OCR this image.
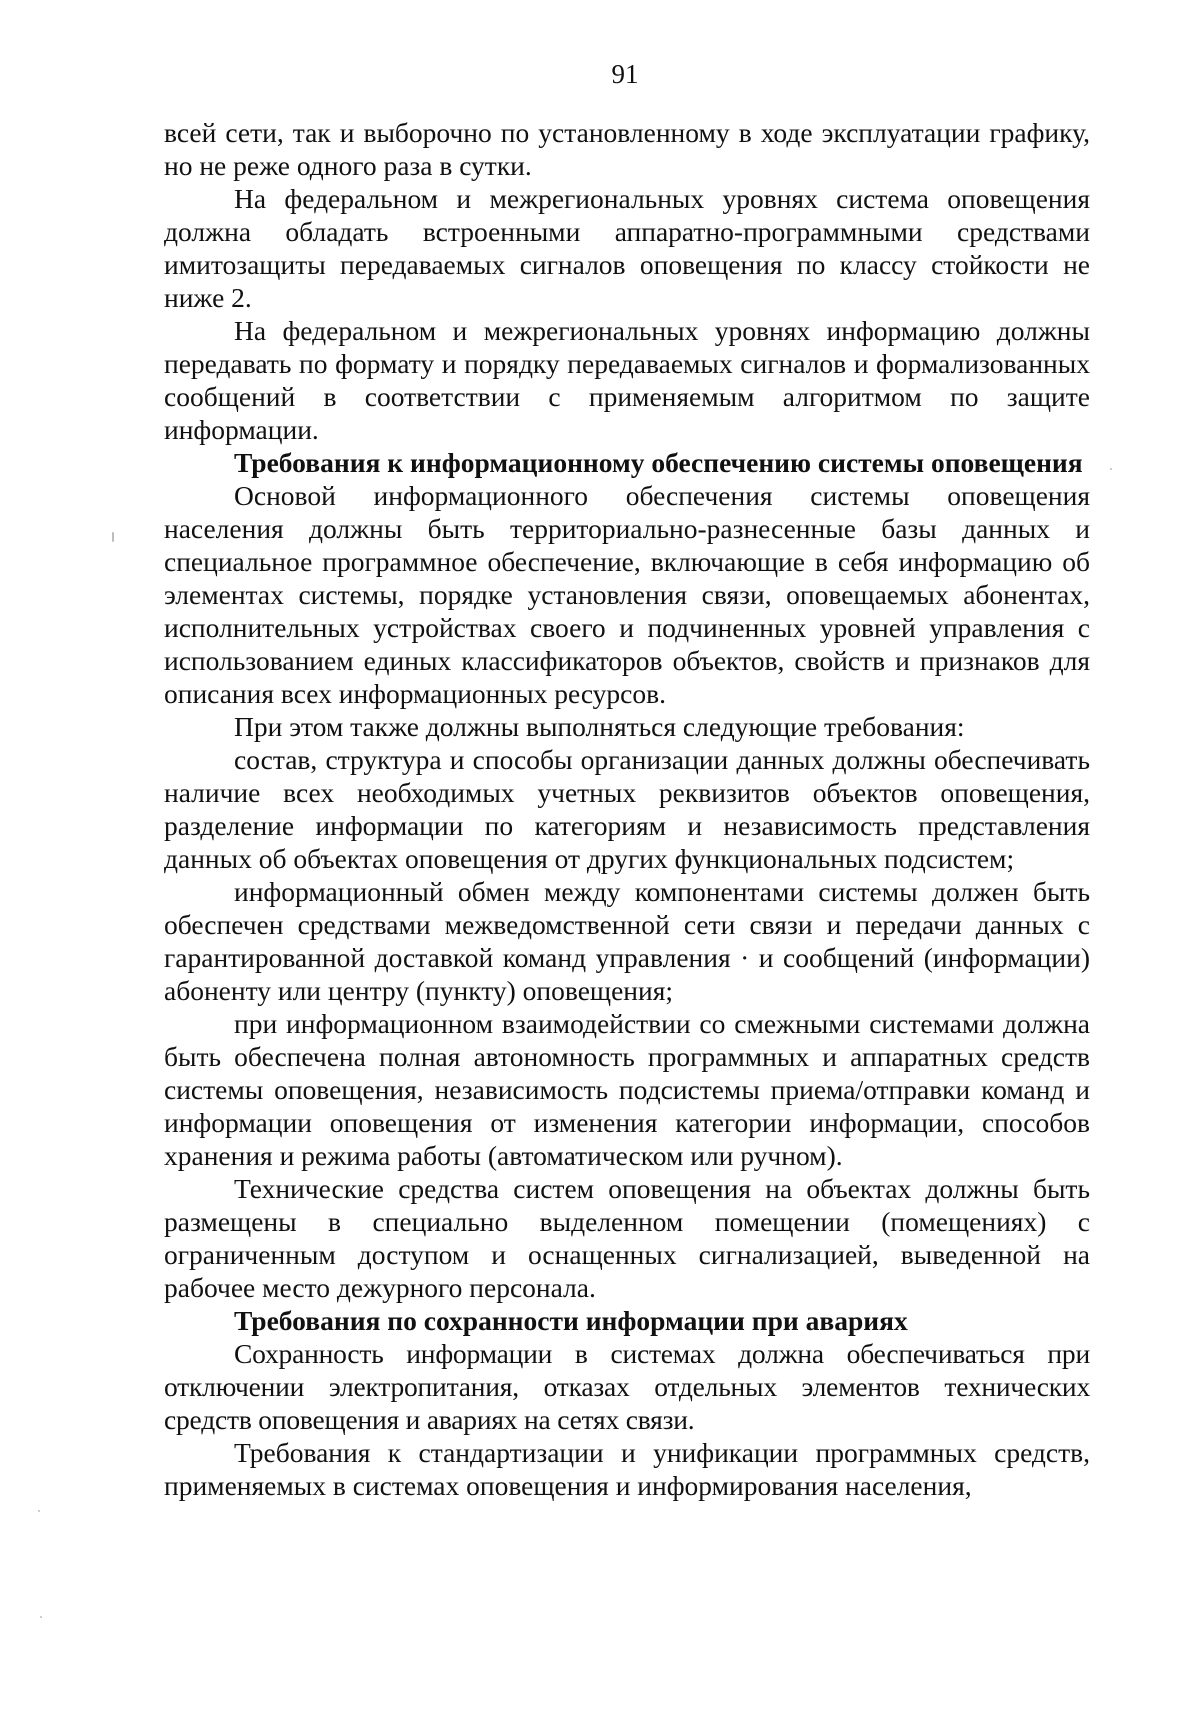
91

всей сети, так и выборочно по установленному в ходе эксплуатации графику, но не реже одного раза в сутки.

На федеральном и межрегиональных уровнях система оповещения должна обладать встроенными аппаратно-программными средствами имитозащиты передаваемых сигналов оповещения по классу стойкости не ниже 2.

На федеральном и межрегиональных уровнях информацию должны передавать по формату и порядку передаваемых сигналов и формализованных сообщений в соответствии с применяемым алгоритмом по защите информации.

Требования к информационному обеспечению системы оповещения

Основой информационного обеспечения системы оповещения населения должны быть территориально-разнесенные базы данных и специальное программное обеспечение, включающие в себя информацию об элементах системы, порядке установления связи, оповещаемых абонентах, исполнительных устройствах своего и подчиненных уровней управления с использованием единых классификаторов объектов, свойств и признаков для описания всех информационных ресурсов.

При этом также должны выполняться следующие требования:

состав, структура и способы организации данных должны обеспечивать наличие всех необходимых учетных реквизитов объектов оповещения, разделение информации по категориям и независимость представления данных об объектах оповещения от других функциональных подсистем;

информационный обмен между компонентами системы должен быть обеспечен средствами межведомственной сети связи и передачи данных с гарантированной доставкой команд управления · и сообщений (информации) абоненту или центру (пункту) оповещения;

при информационном взаимодействии со смежными системами должна быть обеспечена полная автономность программных и аппаратных средств системы оповещения, независимость подсистемы приема/отправки команд и информации оповещения от изменения категории информации, способов хранения и режима работы (автоматическом или ручном).

Технические средства систем оповещения на объектах должны быть размещены в специально выделенном помещении (помещениях) с ограниченным доступом и оснащенных сигнализацией, выведенной на рабочее место дежурного персонала.

Требования по сохранности информации при авариях

Сохранность информации в системах должна обеспечиваться при отключении электропитания, отказах отдельных элементов технических средств оповещения и авариях на сетях связи.

Требования к стандартизации и унификации программных средств, применяемых в системах оповещения и информирования населения,
